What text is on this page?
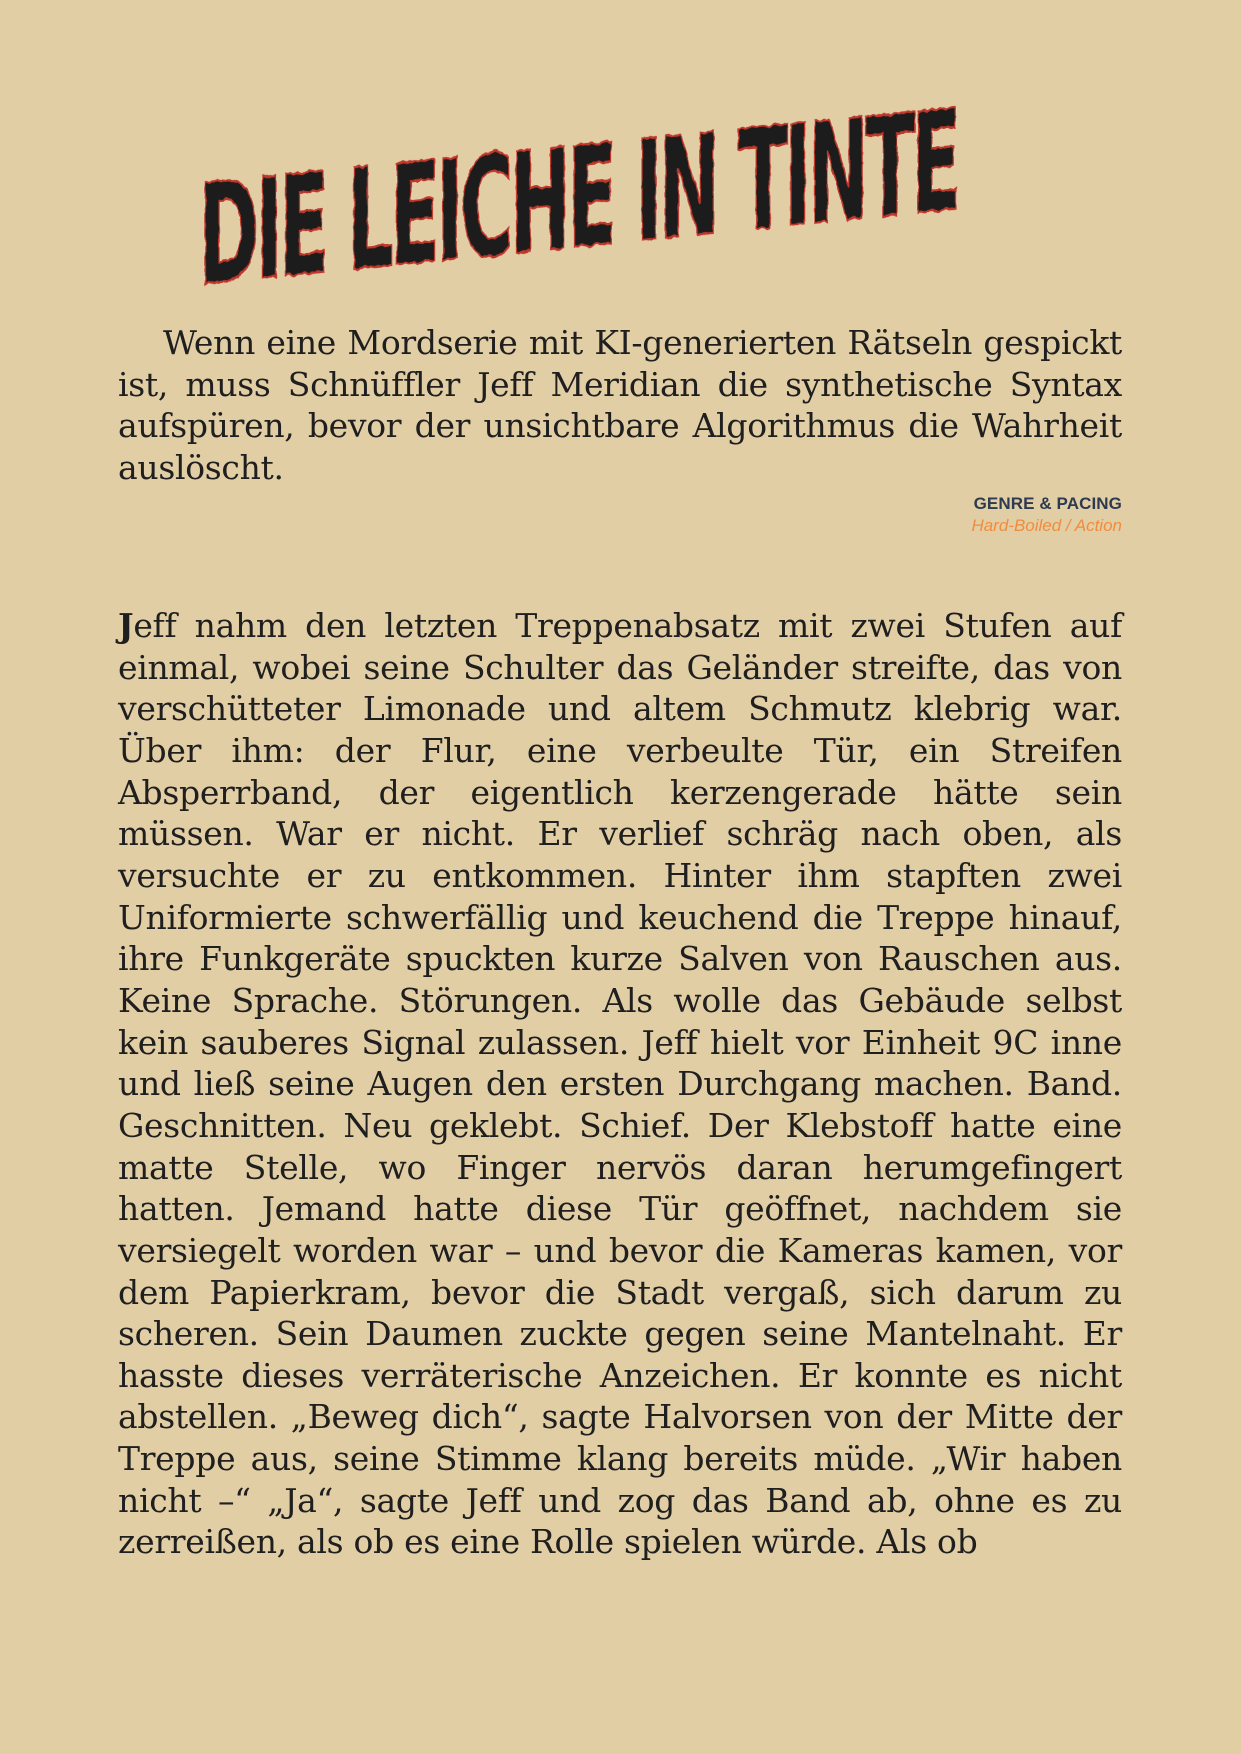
DIE LEICHE IN TINTE

Wenn eine Mordserie mit KI-generierten Rätseln gespickt ist, muss Schnüffler Jeff Meridian die synthetische Syntax aufspüren, bevor der unsichtbare Algorithmus die Wahrheit auslöscht.

GENRE & PACING
Hard-Boiled / Action

Jeff nahm den letzten Treppenabsatz mit zwei Stufen auf einmal, wobei seine Schulter das Geländer streifte, das von verschütteter Limonade und altem Schmutz klebrig war. Über ihm: der Flur, eine verbeulte Tür, ein Streifen Absperrband, der eigentlich kerzengerade hätte sein müssen. War er nicht. Er verlief schräg nach oben, als versuchte er zu entkommen. Hinter ihm stapften zwei Uniformierte schwerfällig und keuchend die Treppe hinauf, ihre Funkgeräte spuckten kurze Salven von Rauschen aus. Keine Sprache. Störungen. Als wolle das Gebäude selbst kein sauberes Signal zulassen. Jeff hielt vor Einheit 9C inne und ließ seine Augen den ersten Durchgang machen. Band. Geschnitten. Neu geklebt. Schief. Der Klebstoff hatte eine matte Stelle, wo Finger nervös daran herumgefingert hatten. Jemand hatte diese Tür geöffnet, nachdem sie versiegelt worden war – und bevor die Kameras kamen, vor dem Papierkram, bevor die Stadt vergaß, sich darum zu scheren. Sein Daumen zuckte gegen seine Mantelnaht. Er hasste dieses verräterische Anzeichen. Er konnte es nicht abstellen. „Beweg dich“, sagte Halvorsen von der Mitte der Treppe aus, seine Stimme klang bereits müde. „Wir haben nicht –“ „Ja“, sagte Jeff und zog das Band ab, ohne es zu zerreißen, als ob es eine Rolle spielen würde. Als ob
